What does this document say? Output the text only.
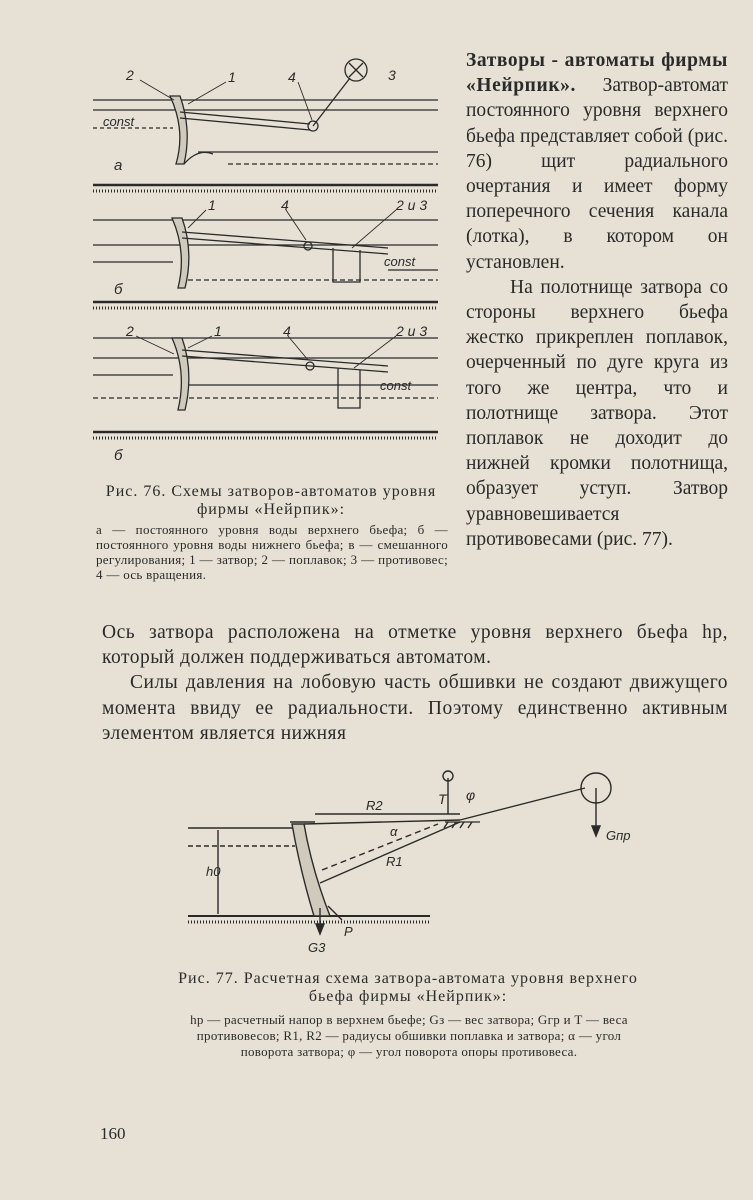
2	1	4	3
const
а
1	4	2 и 3
const
б
2	1	4	2 и 3
const
б

Затворы - автоматы фирмы «Нейрпик». Затвор-автомат постоянного уровня верхнего бьефа представляет собой (рис. 76) щит радиального очертания и имеет форму поперечного сечения канала (лотка), в котором он установлен.

На полотнище затвора со стороны верхнего бьефа жестко прикреплен поплавок, очерченный по дуге круга из того же центра, что и полотнище затвора. Этот поплавок не доходит до нижней кромки полотнища, образует уступ. Затвор уравновешивается противовесами (рис. 77).

Рис. 76. Схемы затворов-автоматов уровня фирмы «Нейрпик»:
а — постоянного уровня воды верхнего бьефа; б — постоянного уровня воды нижнего бьефа; в — смешанного регулирования; 1 — затвор; 2 — поплавок; 3 — противовес; 4 — ось вращения.

Ось затвора расположена на отметке уровня верхнего бьефа hр, который должен поддерживаться автоматом.

Силы давления на лобовую часть обшивки не создают движущего момента ввиду ее радиальности. Поэтому единственно активным элементом является нижняя

T φ
R2
α
R1
h0
G3
P
Gпр
Рис. 77. Расчетная схема затвора-автомата уровня верхнего бьефа фирмы «Нейрпик»:
hр — расчетный напор в верхнем бьефе; Gз — вес затвора; Gгр и T — веса противовесов; R1, R2 — радиусы обшивки поплавка и затвора; α — угол поворота затвора; φ — угол поворота опоры противовеса.
160
